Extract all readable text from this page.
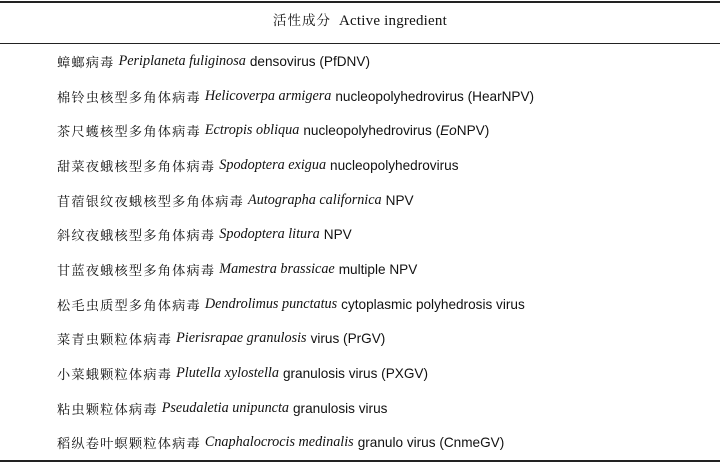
活性成分 Active ingredient
蟑螂病毒 Periplaneta fuliginosa densovirus (PfDNV)
棉铃虫核型多角体病毒 Helicoverpa armigera nucleopolyhedrovirus (HearNPV)
茶尺蠖核型多角体病毒 Ectropis obliqua nucleopolyhedrovirus (EoNPV)
甜菜夜蛾核型多角体病毒 Spodoptera exigua nucleopolyhedrovirus
苜蓿银纹夜蛾核型多角体病毒 Autographa californica NPV
斜纹夜蛾核型多角体病毒 Spodoptera litura NPV
甘蓝夜蛾核型多角体病毒 Mamestra brassicae multiple NPV
松毛虫质型多角体病毒 Dendrolimus punctatus cytoplasmic polyhedrosis virus
菜青虫颗粒体病毒 Pierisrapae granulosis virus (PrGV)
小菜蛾颗粒体病毒 Plutella xylostella granulosis virus (PXGV)
粘虫颗粒体病毒 Pseudaletia unipuncta granulosis virus
稻纵卷叶螟颗粒体病毒 Cnaphalocrocis medinalis granulo virus (CnmeGV)
